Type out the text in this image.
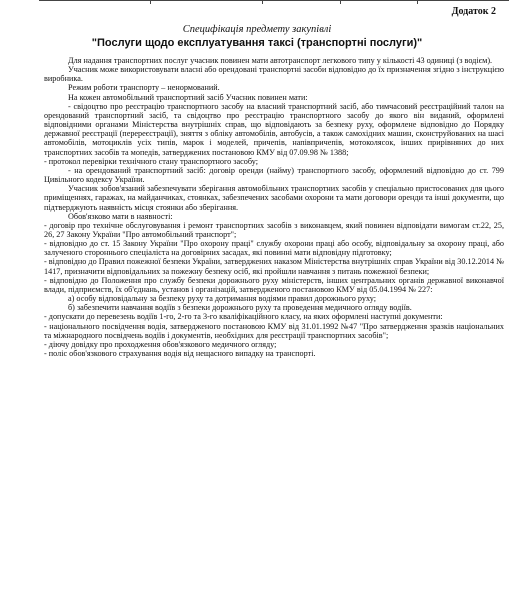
Додаток 2
Специфікація предмету закупівлі
"Послуги щодо експлуатування таксі (транспортні послуги)"

Для надання транспортних послуг учасник повинен мати автотранспорт легкового типу у кількості 43 одиниці (з водієм).

Учасник може використовувати власні або орендовані транспортні засоби відповідно до їх призначення згідно з інструкцією виробника.

Режим роботи транспорту – ненормований.

На кожен автомобільний транспортний засіб Учасник повинен мати:

- свідоцтво про реєстрацію транспортного засобу на власний транспортний засіб, або тимчасовий реєстраційний талон на орендований транспортний засіб, та свідоцтво про реєстрацію транспортного засобу до якого він виданий, оформлені відповідними органами Міністерства внутрішніх справ, що відповідають за безпеку руху, оформлене відповідно до Порядку державної реєстрації (перереєстрації), зняття з обліку автомобілів, автобусів, а також самохідних машин, сконструйованих на шасі автомобілів, мотоциклів усіх типів, марок і моделей, причепів, напівпричепів, мотоколясок, інших прирівняних до них транспортних засобів та мопедів, затверджених постановою КМУ від 07.09.98 № 1388;

- протокол перевірки технічного стану транспортного засобу;

- на орендований транспортний засіб: договір оренди (найму) транспортного засобу, оформлений відповідно до ст. 799 Цивільного кодексу України.

Учасник зобов'язаний забезпечувати зберігання автомобільних транспортних засобів у спеціально пристосованих для цього приміщеннях, гаражах, на майданчиках, стоянках, забезпечених засобами охорони та мати договори оренди та інші документи, що підтверджують наявність місця стоянки або зберігання.

Обов'язково мати в наявності:

- договір про технічне обслуговування і ремонт транспортних засобів з виконавцем, який повинен відповідати вимогам ст.22, 25, 26, 27 Закону України "Про автомобільний транспорт";

- відповідно до ст. 15 Закону України "Про охорону праці" службу охорони праці або особу, відповідальну за охорону праці, або залученого стороннього спеціаліста на договірних засадах, які повинні мати відповідну підготовку;

- відповідно до Правил пожежної безпеки України, затверджених наказом Міністерства внутрішніх справ України від 30.12.2014 № 1417, призначити відповідальних за пожежну безпеку осіб, які пройшли навчання з питань пожежної безпеки;

- відповідно до Положення про службу безпеки дорожнього руху міністерств, інших центральних органів державної виконавчої влади, підприємств, їх об'єднань, установ і організацій, затвердженого постановою КМУ від 05.04.1994 № 227:

а) особу відповідальну за безпеку руху та дотримання водіями правил дорожнього руху;

б) забезпечити навчання водіїв з безпеки дорожнього руху та проведення медичного огляду водіїв.

- допускати до перевезень водіїв 1-го, 2-го та 3-го кваліфікаційного класу, на яких оформлені наступні документи:

- національного посвідчення водія, затвердженого постановою КМУ від 31.01.1992 №47 "Про затвердження зразків національних та міжнародного посвідчень водіїв і документів, необхідних для реєстрації транспортних засобів";

- діючу довідку про проходження обов'язкового медичного огляду;

- поліс обов'язкового страхування водія від нещасного випадку на транспорті.
